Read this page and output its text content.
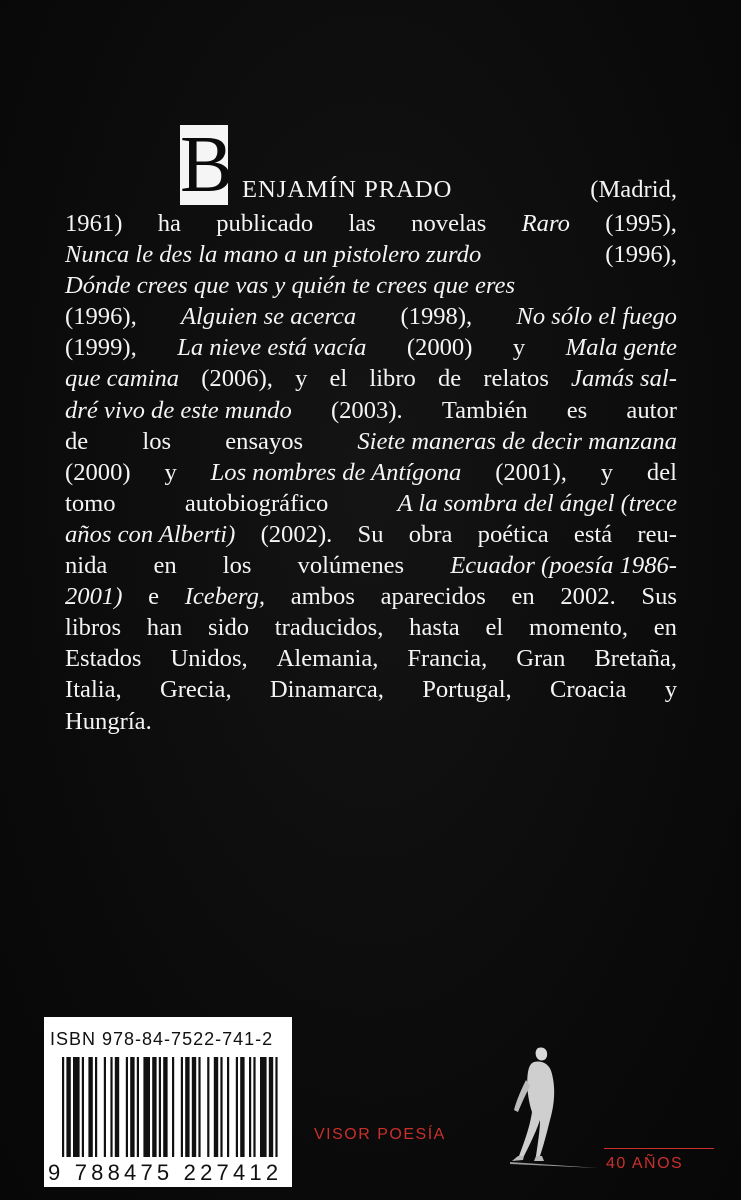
B ENJAMÍN PRADO	(Madrid,
1961) ha publicado las novelas Raro (1995),
Nunca le des la mano a un pistolero zurdo	(1996),
Dónde crees que vas y quién te crees que eres
(1996), Alguien se acerca (1998), No sólo el fuego
(1999), La nieve está vacía (2000) y Mala gente
que camina (2006), y el libro de relatos Jamás sal-
dré vivo de este mundo (2003). También es autor
de los ensayos Siete maneras de decir manzana
(2000) y Los nombres de Antígona (2001), y del
tomo	autobiográfico	A la sombra del ángel (trece
años con Alberti) (2002). Su obra poética está reu-
nida en los volúmenes Ecuador (poesía 1986-
2001) e Iceberg, ambos aparecidos en 2002. Sus
libros han sido traducidos, hasta el momento, en
Estados Unidos, Alemania, Francia, Gran Bretaña,
Italia, Grecia, Dinamarca, Portugal, Croacia y
Hungría.
ISBN 978-84-7522-741-2
9 788475 227412
VISOR POESÍA
40 AÑOS
